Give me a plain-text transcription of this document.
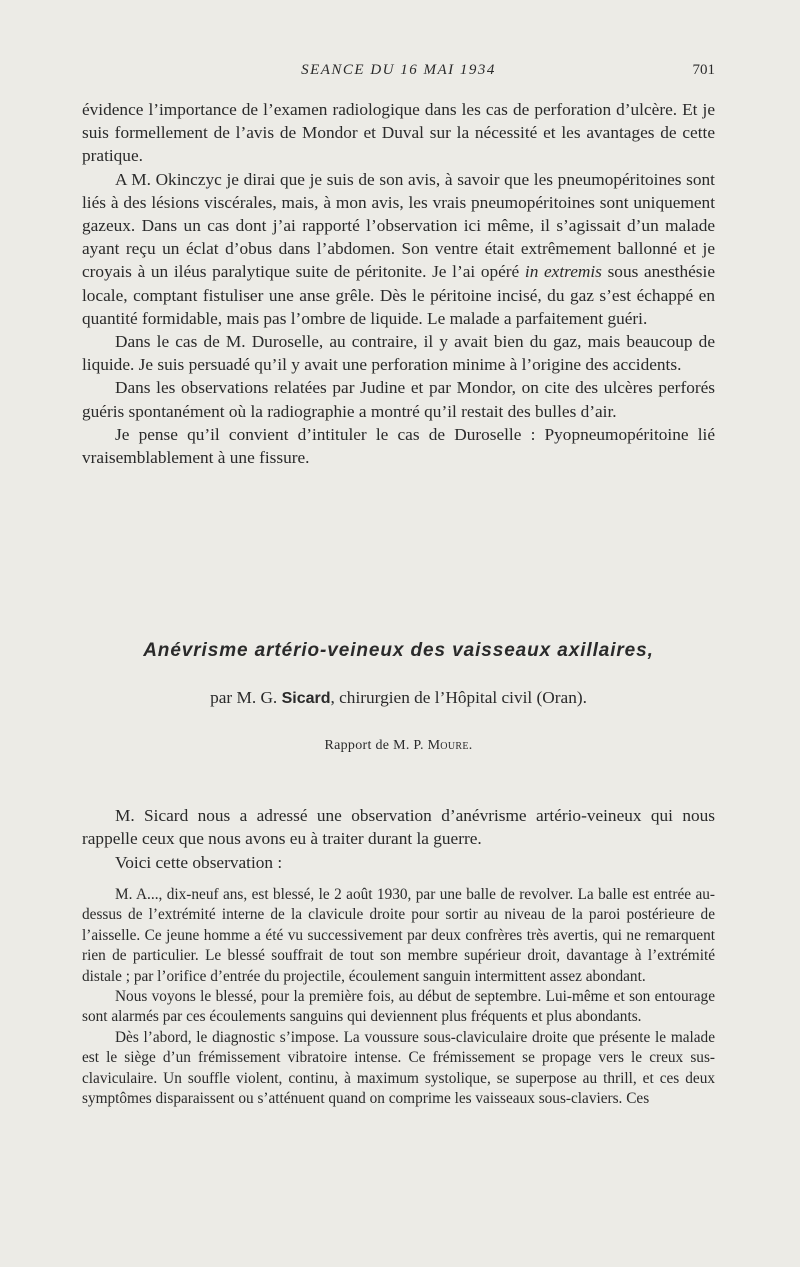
SEANCE DU 16 MAI 1934	701

évidence l’importance de l’examen radiologique dans les cas de perforation d’ulcère. Et je suis formellement de l’avis de Mondor et Duval sur la nécessité et les avantages de cette pratique.

A M. Okinczyc je dirai que je suis de son avis, à savoir que les pneumopéritoines sont liés à des lésions viscérales, mais, à mon avis, les vrais pneumopéritoines sont uniquement gazeux. Dans un cas dont j’ai rapporté l’observation ici même, il s’agissait d’un malade ayant reçu un éclat d’obus dans l’abdomen. Son ventre était extrêmement ballonné et je croyais à un iléus paralytique suite de péritonite. Je l’ai opéré in extremis sous anesthésie locale, comptant fistuliser une anse grêle. Dès le péritoine incisé, du gaz s’est échappé en quantité formidable, mais pas l’ombre de liquide. Le malade a parfaitement guéri.

Dans le cas de M. Duroselle, au contraire, il y avait bien du gaz, mais beaucoup de liquide. Je suis persuadé qu’il y avait une perforation minime à l’origine des accidents.

Dans les observations relatées par Judine et par Mondor, on cite des ulcères perforés guéris spontanément où la radiographie a montré qu’il restait des bulles d’air.

Je pense qu’il convient d’intituler le cas de Duroselle : Pyopneumopéritoine lié vraisemblablement à une fissure.

Anévrisme artério-veineux des vaisseaux axillaires,
par M. G. Sicard, chirurgien de l’Hôpital civil (Oran).
Rapport de M. P. Moure.

M. Sicard nous a adressé une observation d’anévrisme artério-veineux qui nous rappelle ceux que nous avons eu à traiter durant la guerre.

Voici cette observation :

M. A..., dix-neuf ans, est blessé, le 2 août 1930, par une balle de revolver. La balle est entrée au-dessus de l’extrémité interne de la clavicule droite pour sortir au niveau de la paroi postérieure de l’aisselle. Ce jeune homme a été vu successivement par deux confrères très avertis, qui ne remarquent rien de particulier. Le blessé souffrait de tout son membre supérieur droit, davantage à l’extrémité distale ; par l’orifice d’entrée du projectile, écoulement sanguin intermittent assez abondant.

Nous voyons le blessé, pour la première fois, au début de septembre. Lui-même et son entourage sont alarmés par ces écoulements sanguins qui deviennent plus fréquents et plus abondants.

Dès l’abord, le diagnostic s’impose. La voussure sous-claviculaire droite que présente le malade est le siège d’un frémissement vibratoire intense. Ce frémissement se propage vers le creux sus-claviculaire. Un souffle violent, continu, à maximum systolique, se superpose au thrill, et ces deux symptômes disparaissent ou s’atténuent quand on comprime les vaisseaux sous-claviers. Ces
